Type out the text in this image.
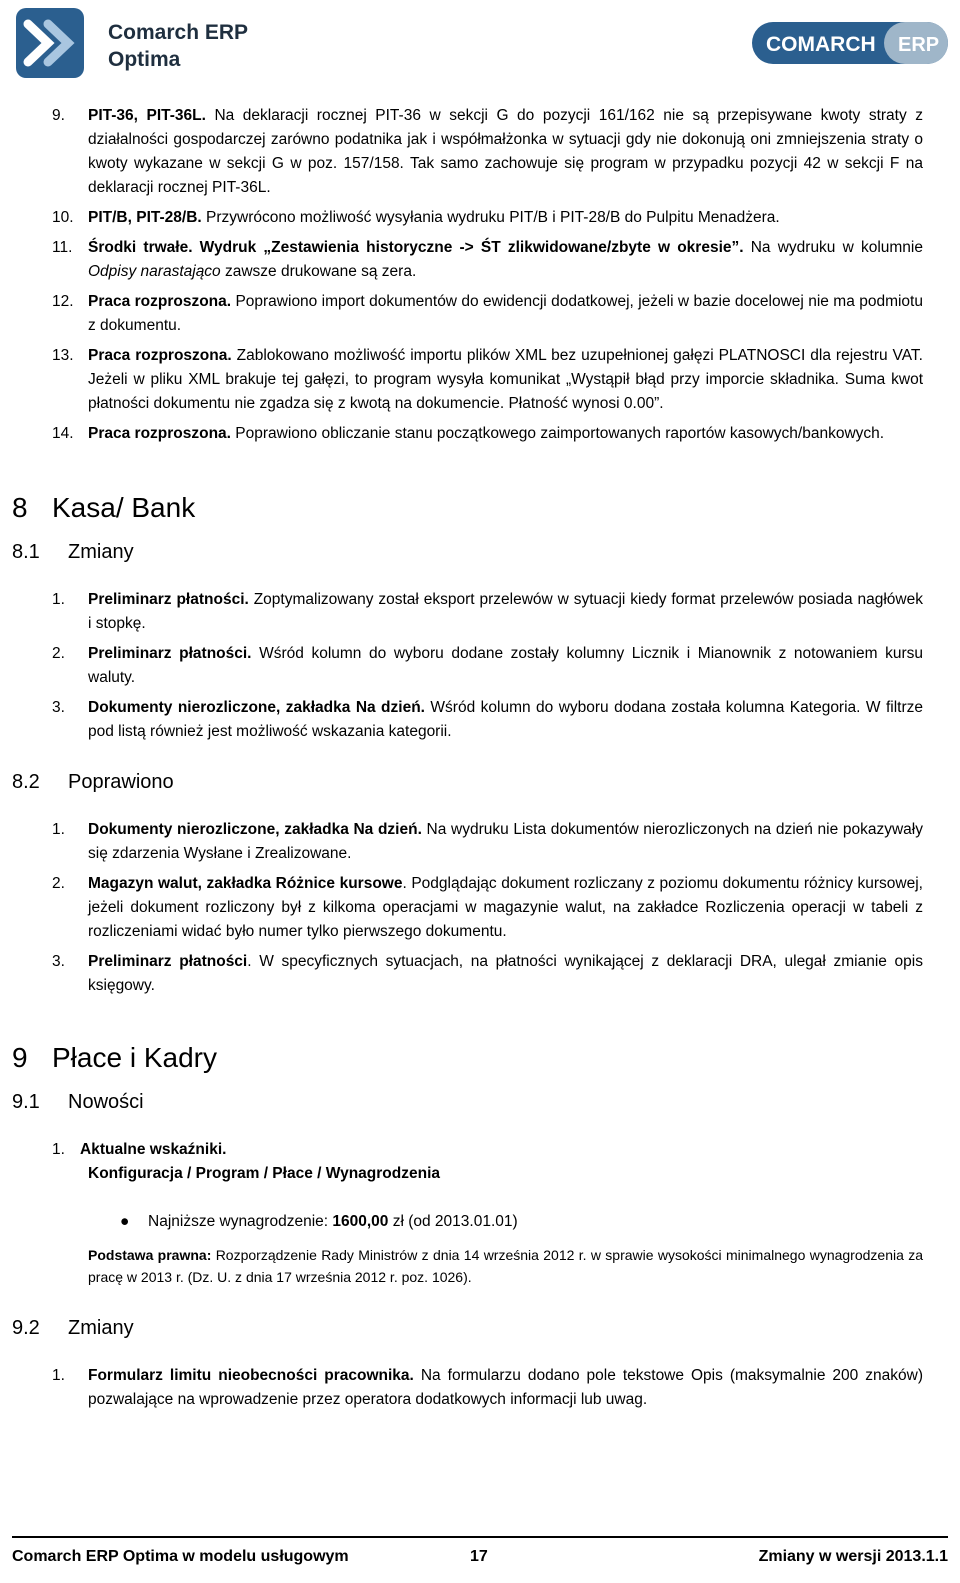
Comarch ERP
Optima
COMARCH ERP
9. PIT-36, PIT-36L. Na deklaracji rocznej PIT-36 w sekcji G do pozycji 161/162 nie są przepisywane kwoty straty z działalności gospodarczej zarówno podatnika jak i współmałżonka w sytuacji gdy nie dokonują oni zmniejszenia straty o kwoty wykazane w sekcji G w poz. 157/158. Tak samo zachowuje się program w przypadku pozycji 42 w sekcji F na deklaracji rocznej PIT-36L.
10. PIT/B, PIT-28/B. Przywrócono możliwość wysyłania wydruku PIT/B i PIT-28/B do Pulpitu Menadżera.
11. Środki trwałe. Wydruk „Zestawienia historyczne -> ŚT zlikwidowane/zbyte w okresie”. Na wydruku w kolumnie Odpisy narastająco zawsze drukowane są zera.
12. Praca rozproszona. Poprawiono import dokumentów do ewidencji dodatkowej, jeżeli w bazie docelowej nie ma podmiotu z dokumentu.
13. Praca rozproszona. Zablokowano możliwość importu plików XML bez uzupełnionej gałęzi PLATNOSCI dla rejestru VAT. Jeżeli w pliku XML brakuje tej gałęzi, to program wysyła komunikat „Wystąpił błąd przy imporcie składnika. Suma kwot płatności dokumentu nie zgadza się z kwotą na dokumencie. Płatność wynosi 0.00”.
14. Praca rozproszona. Poprawiono obliczanie stanu początkowego zaimportowanych raportów kasowych/bankowych.
8 Kasa/ Bank
8.1 Zmiany
1. Preliminarz płatności. Zoptymalizowany został eksport przelewów w sytuacji kiedy format przelewów posiada nagłówek i stopkę.
2. Preliminarz płatności. Wśród kolumn do wyboru dodane zostały kolumny Licznik i Mianownik z notowaniem kursu waluty.
3. Dokumenty nierozliczone, zakładka Na dzień. Wśród kolumn do wyboru dodana została kolumna Kategoria. W filtrze pod listą również jest możliwość wskazania kategorii.
8.2 Poprawiono
1. Dokumenty nierozliczone, zakładka Na dzień. Na wydruku Lista dokumentów nierozliczonych na dzień nie pokazywały się zdarzenia Wysłane i Zrealizowane.
2. Magazyn walut, zakładka Różnice kursowe. Podglądając dokument rozliczany z poziomu dokumentu różnicy kursowej, jeżeli dokument rozliczony był z kilkoma operacjami w magazynie walut, na zakładce Rozliczenia operacji w tabeli z rozliczeniami widać było numer tylko pierwszego dokumentu.
3. Preliminarz płatności. W specyficznych sytuacjach, na płatności wynikającej z deklaracji DRA, ulegał zmianie opis księgowy.
9 Płace i Kadry
9.1 Nowości
1. Aktualne wskaźniki.
Konfiguracja / Program / Płace / Wynagrodzenia
● Najniższe wynagrodzenie: 1600,00 zł (od 2013.01.01)
Podstawa prawna: Rozporządzenie Rady Ministrów z dnia 14 września 2012 r. w sprawie wysokości minimalnego wynagrodzenia za pracę w 2013 r. (Dz. U. z dnia 17 września 2012 r. poz. 1026).
9.2 Zmiany
1. Formularz limitu nieobecności pracownika. Na formularzu dodano pole tekstowe Opis (maksymalnie 200 znaków) pozwalające na wprowadzenie przez operatora dodatkowych informacji lub uwag.
Comarch ERP Optima w modelu usługowym	17	Zmiany w wersji 2013.1.1
